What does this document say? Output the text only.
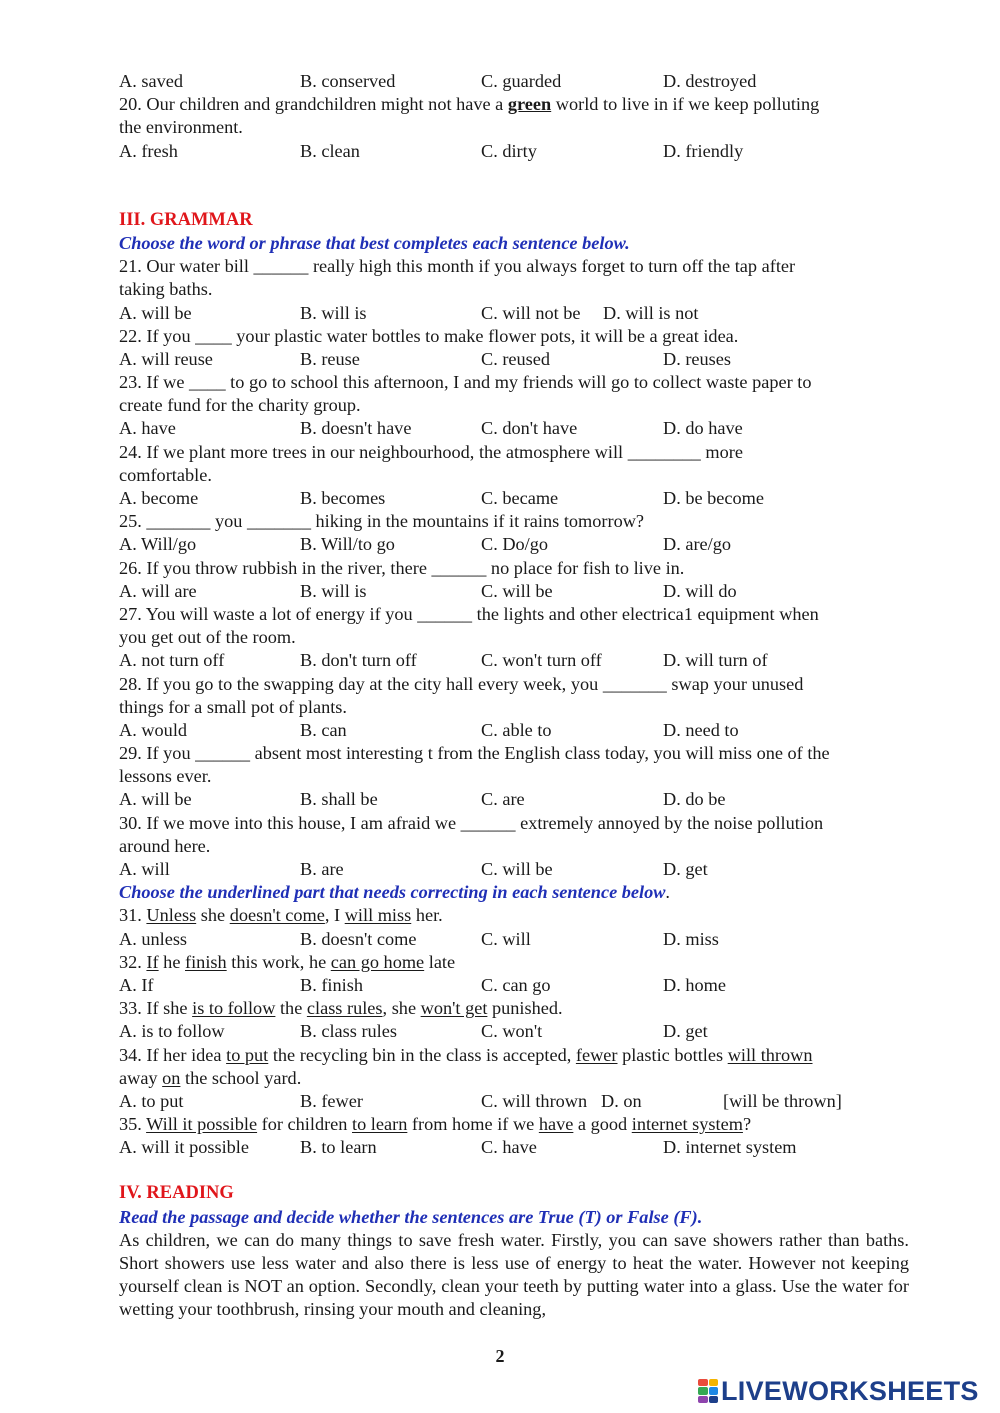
A. saved	B. conserved	C. guarded	D. destroyed
20. Our children and grandchildren might not have a green world to live in if we keep polluting
the environment.
A. fresh	B. clean	C. dirty	D. friendly
III. GRAMMAR
Choose the word or phrase that best completes each sentence below.
21. Our water bill ______ really high this month if you always forget to turn off the tap after
taking baths.
A. will be	B. will is	C. will not be D. will is not
22. If you ____ your plastic water bottles to make flower pots, it will be a great idea.
A. will reuse	B. reuse	C. reused	D. reuses
23. If we ____ to go to school this afternoon, I and my friends will go to collect waste paper to
create fund for the charity group.
A. have	B. doesn't have	C. don't have	D. do have
24. If we plant more trees in our neighbourhood, the atmosphere will ________ more
comfortable.
A. become	B. becomes	C. became	D. be become
25. _______ you _______ hiking in the mountains if it rains tomorrow?
A. Will/go	B. Will/to go	C. Do/go	D. are/go
26. If you throw rubbish in the river, there ______ no place for fish to live in.
A. will are	B. will is	C. will be	D. will do
27. You will waste a lot of energy if you ______ the lights and other electrica1 equipment when
you get out of the room.
A. not turn off	B. don't turn off	C. won't turn off	D. will turn of
28. If you go to the swapping day at the city hall every week, you _______ swap your unused
things for a small pot of plants.
A. would	B. can	C. able to	D. need to
29. If you ______ absent most interesting t from the English class today, you will miss one of the
lessons ever.
A. will be	B. shall be	C. are	D. do be
30. If we move into this house, I am afraid we ______ extremely annoyed by the noise pollution
around here.
A. will	B. are	C. will be	D. get
Choose the underlined part that needs correcting in each sentence below.
31. Unless she doesn't come, I will miss her.
A. unless	B. doesn't come	C. will	D. miss
32. If he finish this work, he can go home late
A. If	B. finish	C. can go	D. home
33. If she is to follow the class rules, she won't get punished.
A. is to follow	B. class rules	C. won't	D. get
34. If her idea to put the recycling bin in the class is accepted, fewer plastic bottles will thrown
away on the school yard.
A. to put	B. fewer	C. will thrown D. on	[will be thrown]
35. Will it possible for children to learn from home if we have a good internet system?
A. will it possible	B. to learn	C. have	D. internet system
IV. READING
Read the passage and decide whether the sentences are True (T) or False (F).
As children, we can do many things to save fresh water. Firstly, you can save showers rather than baths. Short showers use less water and also there is less use of energy to heat the water. However not keeping yourself clean is NOT an option. Secondly, clean your teeth by putting water into a glass. Use the water for wetting your toothbrush, rinsing your mouth and cleaning,
2
LIVEWORKSHEETS
